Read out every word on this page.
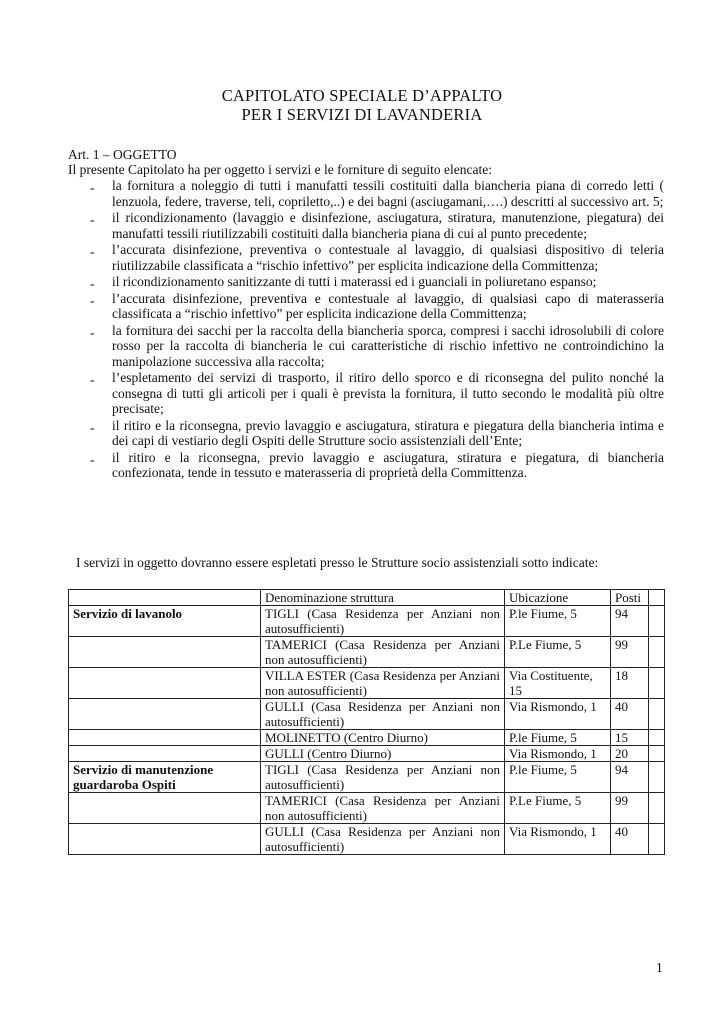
CAPITOLATO SPECIALE D’APPALTO
PER I SERVIZI DI LAVANDERIA
Art. 1 – OGGETTO
Il presente Capitolato ha per oggetto i servizi e le forniture di seguito elencate:
- la fornitura a noleggio di tutti i manufatti tessili costituiti dalla biancheria piana di corredo letti ( lenzuola, federe, traverse, teli, copriletto,..) e dei bagni (asciugamani,….) descritti al successivo art. 5;
- il ricondizionamento (lavaggio e disinfezione, asciugatura, stiratura, manutenzione, piegatura) dei manufatti tessili riutilizzabili costituiti dalla biancheria piana di cui al punto precedente;
- l’accurata disinfezione, preventiva o contestuale al lavaggio, di qualsiasi dispositivo di teleria riutilizzabile classificata a “rischio infettivo” per esplicita indicazione della Committenza;
- il ricondizionamento sanitizzante di tutti i materassi ed i guanciali in poliuretano espanso;
- l’accurata disinfezione, preventiva e contestuale al lavaggio, di qualsiasi capo di materasseria classificata a “rischio infettivo” per esplicita indicazione della Committenza;
- la fornitura dei sacchi per la raccolta della biancheria sporca, compresi i sacchi idrosolubili di colore rosso per la raccolta di biancheria le cui caratteristiche di rischio infettivo ne controindichino la manipolazione successiva alla raccolta;
- l’espletamento dei servizi di trasporto, il ritiro dello sporco e di riconsegna del pulito nonché la consegna di tutti gli articoli per i quali è prevista la fornitura, il tutto secondo le modalità più oltre precisate;
- il ritiro e la riconsegna, previo lavaggio e asciugatura, stiratura e piegatura della biancheria intima e dei capi di vestiario degli Ospiti delle Strutture socio assistenziali dell’Ente;
- il ritiro e la riconsegna, previo lavaggio e asciugatura, stiratura e piegatura, di biancheria confezionata, tende in tessuto e materasseria di proprietà della Committenza.
I servizi in oggetto dovranno essere espletati presso le Strutture socio assistenziali sotto indicate:
	Denominazione struttura	Ubicazione	Posti	
Servizio di lavanolo	TIGLI (Casa Residenza per Anziani non autosufficienti)	P.le Fiume, 5	94	
	TAMERICI (Casa Residenza per Anziani non autosufficienti)	P.Le Fiume, 5	99	
	VILLA ESTER (Casa Residenza per Anziani non autosufficienti)	Via Costituente, 15	18	
	GULLI (Casa Residenza per Anziani non autosufficienti)	Via Rismondo, 1	40	
	MOLINETTO (Centro Diurno)	P.le Fiume, 5	15	
	GULLI (Centro Diurno)	Via Rismondo, 1	20	
Servizio di manutenzione guardaroba Ospiti	TIGLI (Casa Residenza per Anziani non autosufficienti)	P.le Fiume, 5	94	
	TAMERICI (Casa Residenza per Anziani non autosufficienti)	P.Le Fiume, 5	99	
	GULLI (Casa Residenza per Anziani non autosufficienti)	Via Rismondo, 1	40	
1
